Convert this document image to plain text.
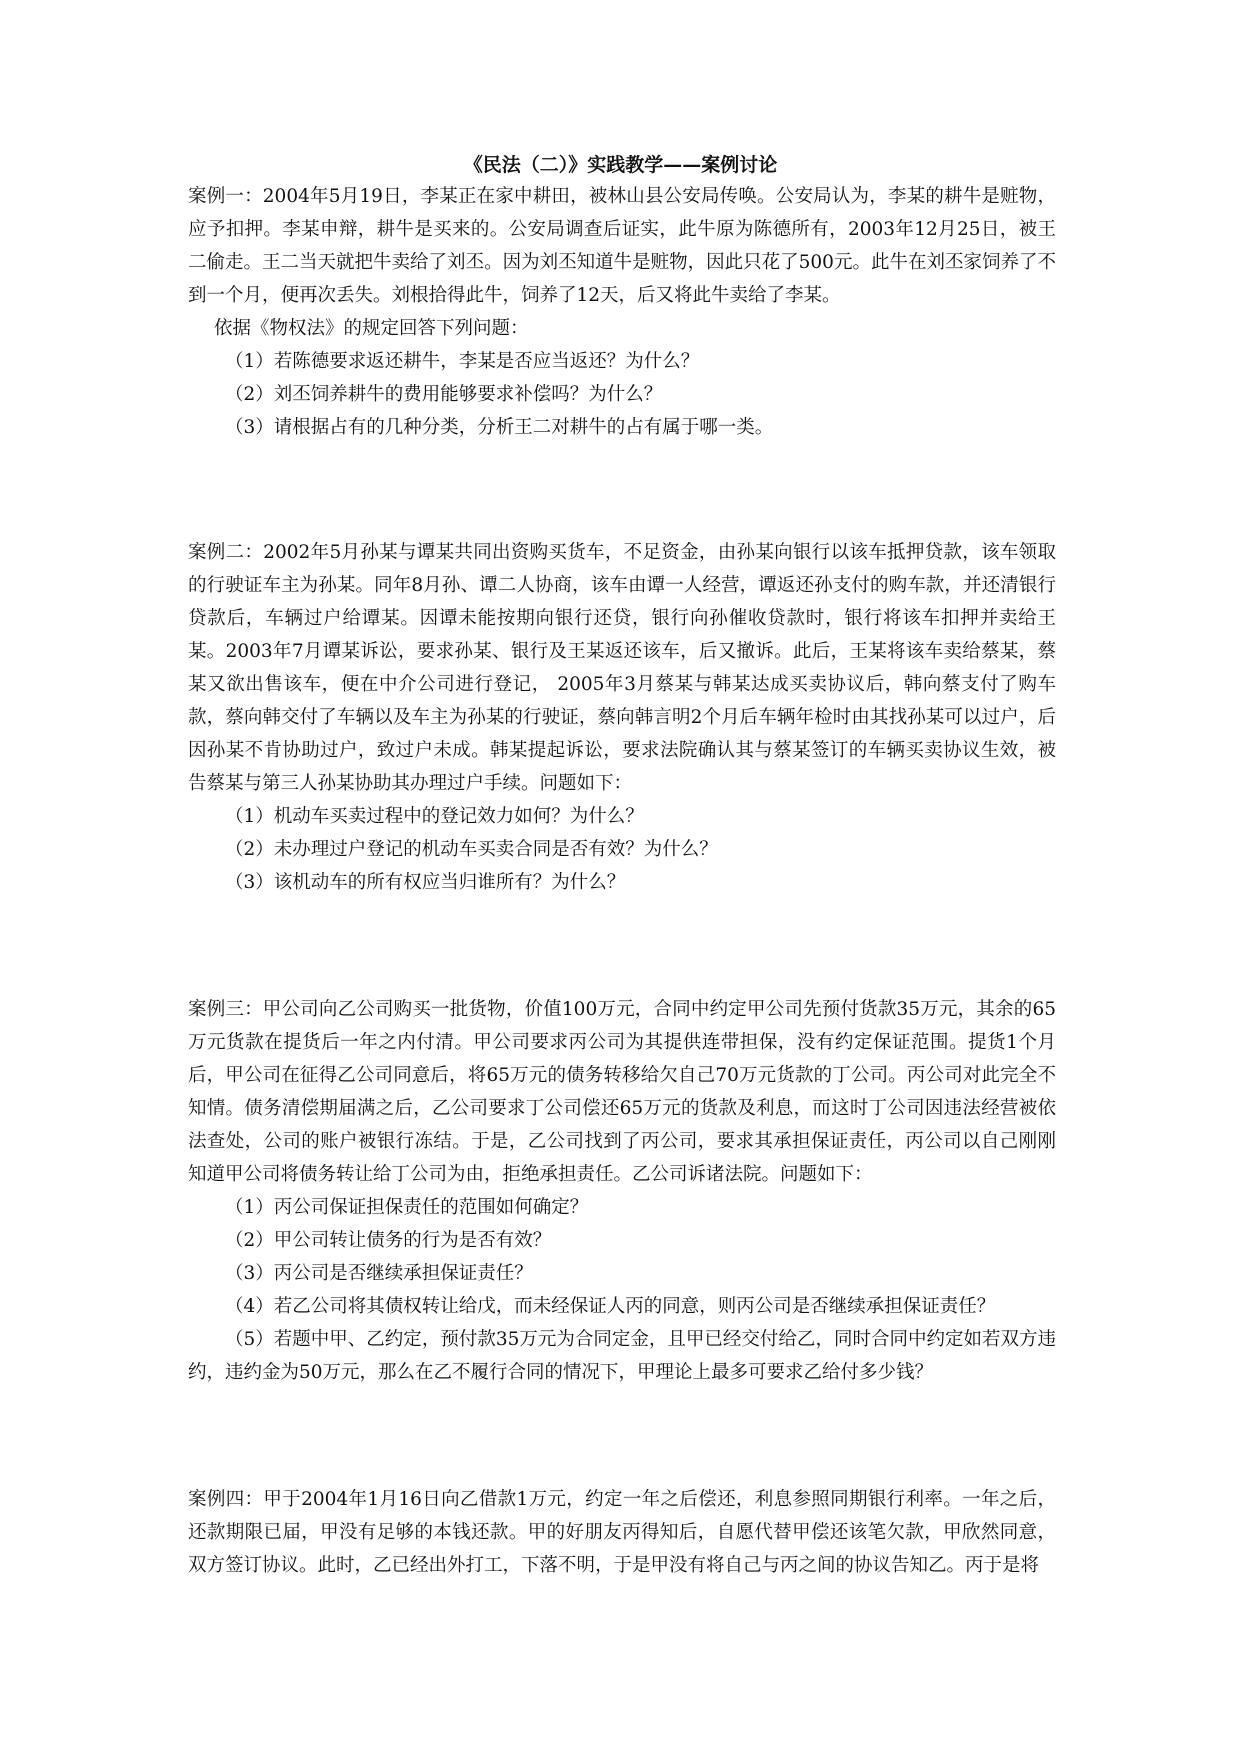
《民法（二）》实践教学——案例讨论

案例一：2004年5月19日，李某正在家中耕田，被林山县公安局传唤。公安局认为，李某的耕牛是赃物，应予扣押。李某申辩，耕牛是买来的。公安局调查后证实，此牛原为陈德所有，2003年12月25日，被王二偷走。王二当天就把牛卖给了刘丕。因为刘丕知道牛是赃物，因此只花了500元。此牛在刘丕家饲养了不到一个月，便再次丢失。刘根拾得此牛，饲养了12天，后又将此牛卖给了李某。

依据《物权法》的规定回答下列问题：

（1）若陈德要求返还耕牛，李某是否应当返还？为什么？

（2）刘丕饲养耕牛的费用能够要求补偿吗？为什么？

（3）请根据占有的几种分类，分析王二对耕牛的占有属于哪一类。

案例二：2002年5月孙某与谭某共同出资购买货车，不足资金，由孙某向银行以该车抵押贷款，该车领取的行驶证车主为孙某。同年8月孙、谭二人协商，该车由谭一人经营，谭返还孙支付的购车款，并还清银行贷款后，车辆过户给谭某。因谭未能按期向银行还贷，银行向孙催收贷款时，银行将该车扣押并卖给王某。2003年7月谭某诉讼，要求孙某、银行及王某返还该车，后又撤诉。此后，王某将该车卖给蔡某，蔡某又欲出售该车，便在中介公司进行登记， 2005年3月蔡某与韩某达成买卖协议后，韩向蔡支付了购车款，蔡向韩交付了车辆以及车主为孙某的行驶证，蔡向韩言明2个月后车辆年检时由其找孙某可以过户，后因孙某不肯协助过户，致过户未成。韩某提起诉讼，要求法院确认其与蔡某签订的车辆买卖协议生效，被告蔡某与第三人孙某协助其办理过户手续。问题如下：

（1）机动车买卖过程中的登记效力如何？为什么？

（2）未办理过户登记的机动车买卖合同是否有效？为什么？

（3）该机动车的所有权应当归谁所有？为什么？

案例三：甲公司向乙公司购买一批货物，价值100万元，合同中约定甲公司先预付货款35万元，其余的65万元货款在提货后一年之内付清。甲公司要求丙公司为其提供连带担保，没有约定保证范围。提货1个月后，甲公司在征得乙公司同意后，将65万元的债务转移给欠自己70万元货款的丁公司。丙公司对此完全不知情。债务清偿期届满之后，乙公司要求丁公司偿还65万元的货款及利息，而这时丁公司因违法经营被依法查处，公司的账户被银行冻结。于是，乙公司找到了丙公司，要求其承担保证责任，丙公司以自己刚刚知道甲公司将债务转让给丁公司为由，拒绝承担责任。乙公司诉诸法院。问题如下：

（1）丙公司保证担保责任的范围如何确定？

（2）甲公司转让债务的行为是否有效？

（3）丙公司是否继续承担保证责任？

（4）若乙公司将其债权转让给戊，而未经保证人丙的同意，则丙公司是否继续承担保证责任？

（5）若题中甲、乙约定，预付款35万元为合同定金，且甲已经交付给乙，同时合同中约定如若双方违约，违约金为50万元，那么在乙不履行合同的情况下，甲理论上最多可要求乙给付多少钱？

案例四：甲于2004年1月16日向乙借款1万元，约定一年之后偿还，利息参照同期银行利率。一年之后，还款期限已届，甲没有足够的本钱还款。甲的好朋友丙得知后，自愿代替甲偿还该笔欠款，甲欣然同意，双方签订协议。此时，乙已经出外打工，下落不明，于是甲没有将自己与丙之间的协议告知乙。丙于是将
